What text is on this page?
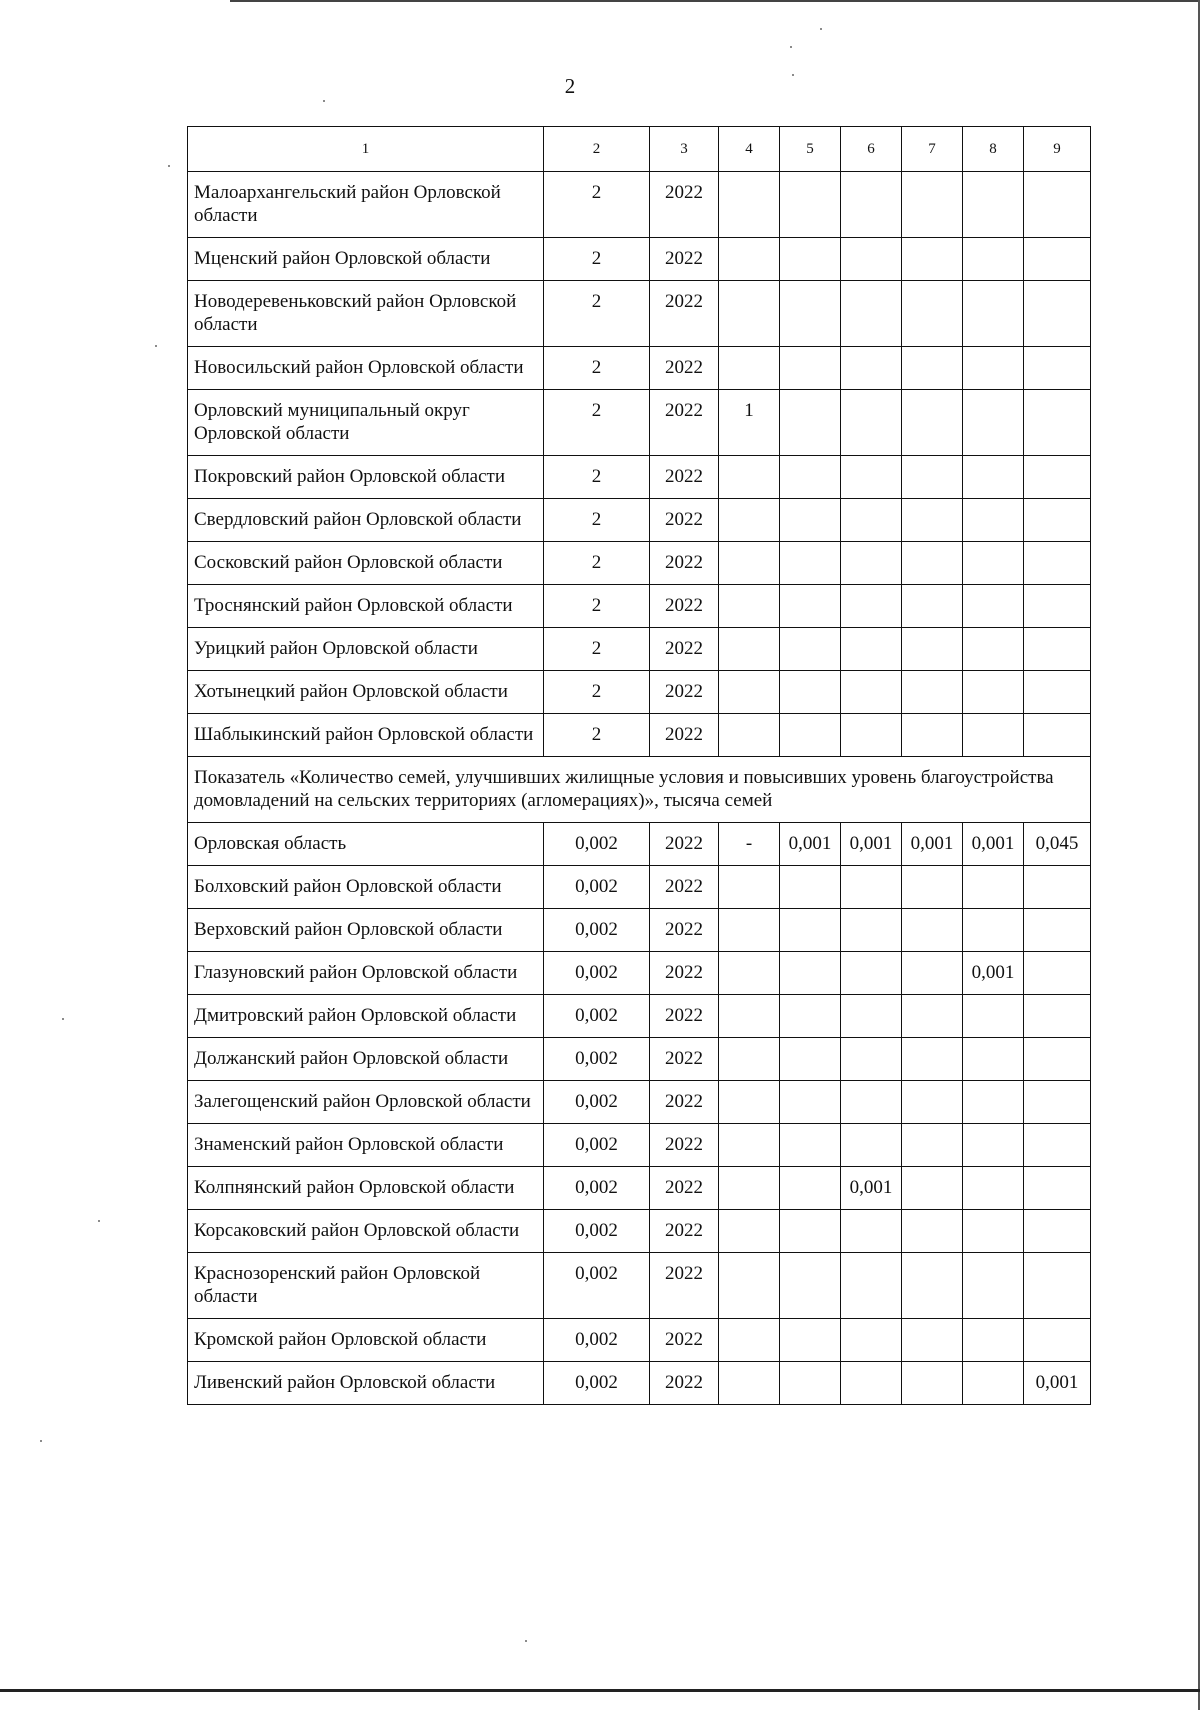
2
1	2	3	4	5	6	7	8	9
Малоархангельский район Орловской области	2	2022						
Мценский район Орловской области	2	2022						
Новодеревеньковский район Орловской области	2	2022						
Новосильский район Орловской области	2	2022						
Орловский муниципальный округ Орловской области	2	2022	1					
Покровский район Орловской области	2	2022						
Свердловский район Орловской области	2	2022						
Сосковский район Орловской области	2	2022						
Троснянский район Орловской области	2	2022						
Урицкий район Орловской области	2	2022						
Хотынецкий район Орловской области	2	2022						
Шаблыкинский район Орловской области	2	2022						
Показатель «Количество семей, улучшивших жилищные условия и повысивших уровень благоустройства домовладений на сельских территориях (агломерациях)», тысяча семей								
Орловская область	0,002	2022	-	0,001	0,001	0,001	0,001	0,045
Болховский район Орловской области	0,002	2022						
Верховский район Орловской области	0,002	2022						
Глазуновский район Орловской области	0,002	2022					0,001	
Дмитровский район Орловской области	0,002	2022						
Должанский район Орловской области	0,002	2022						
Залегощенский район Орловской области	0,002	2022						
Знаменский район Орловской области	0,002	2022						
Колпнянский район Орловской области	0,002	2022			0,001			
Корсаковский район Орловской области	0,002	2022						
Краснозоренский район Орловской области	0,002	2022						
Кромской район Орловской области	0,002	2022						
Ливенский район Орловской области	0,002	2022						0,001
